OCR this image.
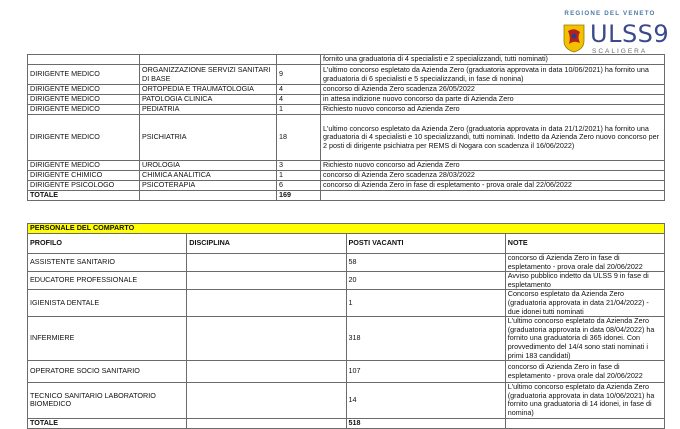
REGIONE DEL VENETO
ULSS9
SCALIGERA
			fornito una graduatoria di 4 specialisti e 2 specializzandi, tutti nominati)
DIRIGENTE MEDICO	ORGANIZZAZIONE SERVIZI SANITARI DI BASE	9	L'ultimo concorso espletato da Azienda Zero (graduatoria approvata in data 10/06/2021) ha fornito una graduatoria di 6 specialisti e 5 specializzandi, in fase di nonina)
DIRIGENTE MEDICO	ORTOPEDIA E TRAUMATOLOGIA	4	concorso di Azienda Zero scadenza 26/05/2022
DIRIGENTE MEDICO	PATOLOGIA CLINICA	4	in attesa indizione nuovo concorso da parte di Azienda Zero
DIRIGENTE MEDICO	PEDIATRIA	1	Richiesto nuovo concorso ad Azienda Zero
DIRIGENTE MEDICO	PSICHIATRIA	18	L'ultimo concorso espletato da Azienda Zero (graduatoria approvata in data 21/12/2021) ha fornito una graduatoria di 4 specialisti e 10 specializzandi, tutti nominati. Indetto da Azienda Zero nuovo concorso per 2 posti di dirigente psichiatra per REMS di Nogara con scadenza il 16/06/2022)
DIRIGENTE MEDICO	UROLOGIA	3	Richiesto nuovo concorso ad Azienda Zero
DIRIGENTE CHIMICO	CHIMICA ANALITICA	1	concorso di Azienda Zero scadenza 28/03/2022
DIRIGENTE PSICOLOGO	PSICOTERAPIA	6	concorso di Azienda Zero in fase di espletamento - prova orale dal 22/06/2022
TOTALE		169	
PERSONALE DEL COMPARTO			
PROFILO	DISCIPLINA	POSTI VACANTI	NOTE
ASSISTENTE SANITARIO		58	concorso di Azienda Zero in fase di espletamento - prova orale dal 20/06/2022
EDUCATORE PROFESSIONALE		20	Avviso pubblico indetto da ULSS 9 in fase di espletamento
IGIENISTA DENTALE		1	Concorso espletato da Azienda Zero (graduatoria approvata in data 21/04/2022) - due idonei tutti nominati
INFERMIERE		318	L'ultimo concorso espletato da Azienda Zero (graduatoria approvata in data 08/04/2022) ha fornito una graduatoria di 365 idonei. Con provvedimento del 14/4 sono stati nominati i primi 183 candidati)
OPERATORE SOCIO SANITARIO		107	concorso di Azienda Zero in fase di espletamento - prova orale dal 20/06/2022
TECNICO SANITARIO LABORATORIO BIOMEDICO		14	L'ultimo concorso espletato da Azienda Zero (graduatoria approvata in data 10/06/2021) ha fornito una graduatoria di 14 idonei, in fase di nomina)
TOTALE		518	
